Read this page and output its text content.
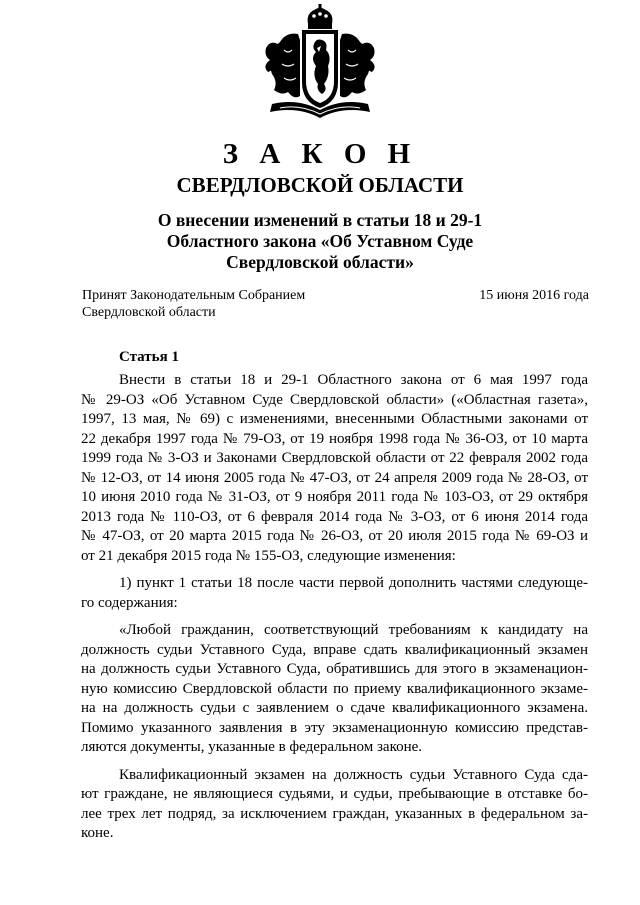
З А К О Н
СВЕРДЛОВСКОЙ ОБЛАСТИ
О внесении изменений в статьи 18 и 29-1
Областного закона «Об Уставном Суде
Свердловской области»
Принят Законодательным Собранием
Свердловской области
15 июня 2016 года
Статья 1
Внести в статьи 18 и 29-1 Областного закона от 6 мая 1997 года
№ 29-ОЗ «Об Уставном Суде Свердловской области» («Областная газета»,
1997, 13 мая, № 69) с изменениями, внесенными Областными законами от
22 декабря 1997 года № 79-ОЗ, от 19 ноября 1998 года № 36-ОЗ, от 10 марта
1999 года № 3-ОЗ и Законами Свердловской области от 22 февраля 2002 года
№ 12-ОЗ, от 14 июня 2005 года № 47-ОЗ, от 24 апреля 2009 года № 28-ОЗ, от
10 июня 2010 года № 31-ОЗ, от 9 ноября 2011 года № 103-ОЗ, от 29 октября
2013 года № 110-ОЗ, от 6 февраля 2014 года № 3-ОЗ, от 6 июня 2014 года
№ 47-ОЗ, от 20 марта 2015 года № 26-ОЗ, от 20 июля 2015 года № 69-ОЗ и
от 21 декабря 2015 года № 155-ОЗ, следующие изменения:
1) пункт 1 статьи 18 после части первой дополнить частями следующе-
го содержания:
«Любой гражданин, соответствующий требованиям к кандидату на
должность судьи Уставного Суда, вправе сдать квалификационный экзамен
на должность судьи Уставного Суда, обратившись для этого в экзаменацион-
ную комиссию Свердловской области по приему квалификационного экзаме-
на на должность судьи с заявлением о сдаче квалификационного экзамена.
Помимо указанного заявления в эту экзаменационную комиссию представ-
ляются документы, указанные в федеральном законе.
Квалификационный экзамен на должность судьи Уставного Суда сда-
ют граждане, не являющиеся судьями, и судьи, пребывающие в отставке бо-
лее трех лет подряд, за исключением граждан, указанных в федеральном за-
коне.
